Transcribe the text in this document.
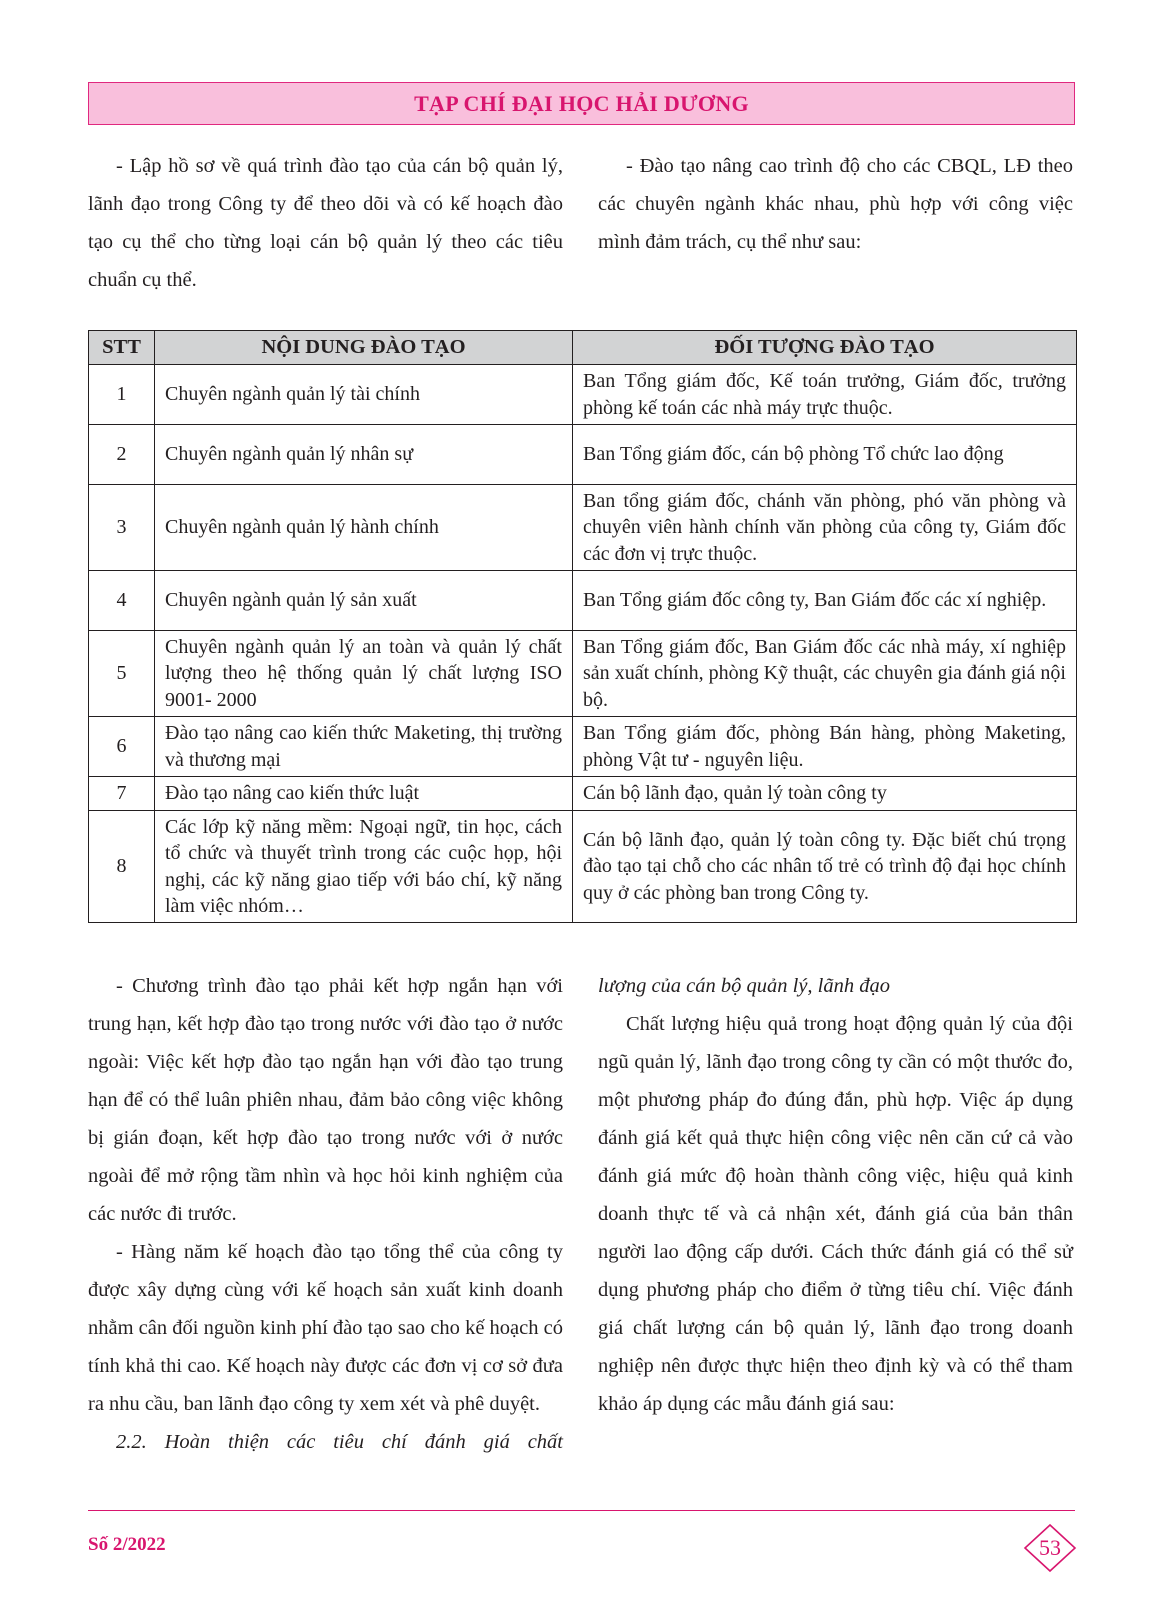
TẠP CHÍ ĐẠI HỌC HẢI DƯƠNG

- Lập hồ sơ về quá trình đào tạo của cán bộ quản lý, lãnh đạo trong Công ty để theo dõi và có kế hoạch đào tạo cụ thể cho từng loại cán bộ quản lý theo các tiêu chuẩn cụ thể.

- Đào tạo nâng cao trình độ cho các CBQL, LĐ theo các chuyên ngành khác nhau, phù hợp với công việc mình đảm trách, cụ thể như sau:

STT	NỘI DUNG ĐÀO TẠO	ĐỐI TƯỢNG ĐÀO TẠO
1	Chuyên ngành quản lý tài chính	Ban Tổng giám đốc, Kế toán trưởng, Giám đốc, trưởng phòng kế toán các nhà máy trực thuộc.
2	Chuyên ngành quản lý nhân sự	Ban Tổng giám đốc, cán bộ phòng Tổ chức lao động
3	Chuyên ngành quản lý hành chính	Ban tổng giám đốc, chánh văn phòng, phó văn phòng và chuyên viên hành chính văn phòng của công ty, Giám đốc các đơn vị trực thuộc.
4	Chuyên ngành quản lý sản xuất	Ban Tổng giám đốc công ty, Ban Giám đốc các xí nghiệp.
5	Chuyên ngành quản lý an toàn và quản lý chất lượng theo hệ thống quản lý chất lượng ISO 9001- 2000	Ban Tổng giám đốc, Ban Giám đốc các nhà máy, xí nghiệp sản xuất chính, phòng Kỹ thuật, các chuyên gia đánh giá nội bộ.
6	Đào tạo nâng cao kiến thức Maketing, thị trường và thương mại	Ban Tổng giám đốc, phòng Bán hàng, phòng Maketing, phòng Vật tư - nguyên liệu.
7	Đào tạo nâng cao kiến thức luật	Cán bộ lãnh đạo, quản lý toàn công ty
8	Các lớp kỹ năng mềm: Ngoại ngữ, tin học, cách tổ chức và thuyết trình trong các cuộc họp, hội nghị, các kỹ năng giao tiếp với báo chí, kỹ năng làm việc nhóm…	Cán bộ lãnh đạo, quản lý toàn công ty. Đặc biết chú trọng đào tạo tại chỗ cho các nhân tố trẻ có trình độ đại học chính quy ở các phòng ban trong Công ty.

- Chương trình đào tạo phải kết hợp ngắn hạn với trung hạn, kết hợp đào tạo trong nước với đào tạo ở nước ngoài: Việc kết hợp đào tạo ngắn hạn với đào tạo trung hạn để có thể luân phiên nhau, đảm bảo công việc không bị gián đoạn, kết hợp đào tạo trong nước với ở nước ngoài để mở rộng tầm nhìn và học hỏi kinh nghiệm của các nước đi trước.

- Hàng năm kế hoạch đào tạo tổng thể của công ty được xây dựng cùng với kế hoạch sản xuất kinh doanh nhằm cân đối nguồn kinh phí đào tạo sao cho kế hoạch có tính khả thi cao. Kế hoạch này được các đơn vị cơ sở đưa ra nhu cầu, ban lãnh đạo công ty xem xét và phê duyệt.

2.2. Hoàn thiện các tiêu chí đánh giá chất

lượng của cán bộ quản lý, lãnh đạo

Chất lượng hiệu quả trong hoạt động quản lý của đội ngũ quản lý, lãnh đạo trong công ty cần có một thước đo, một phương pháp đo đúng đắn, phù hợp. Việc áp dụng đánh giá kết quả thực hiện công việc nên căn cứ cả vào đánh giá mức độ hoàn thành công việc, hiệu quả kinh doanh thực tế và cả nhận xét, đánh giá của bản thân người lao động cấp dưới. Cách thức đánh giá có thể sử dụng phương pháp cho điểm ở từng tiêu chí. Việc đánh giá chất lượng cán bộ quản lý, lãnh đạo trong doanh nghiệp nên được thực hiện theo định kỳ và có thể tham khảo áp dụng các mẫu đánh giá sau:

Số 2/2022	53
